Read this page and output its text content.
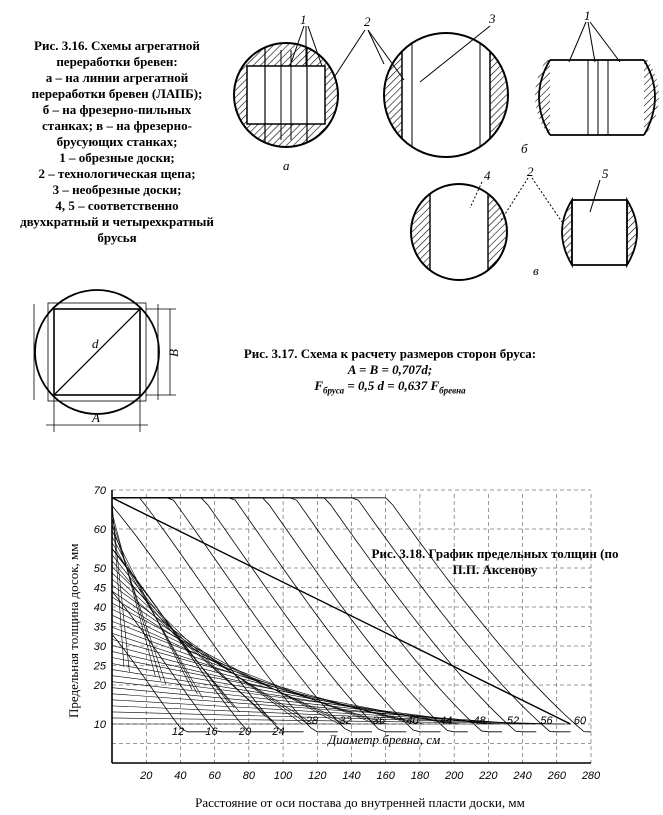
Рис. 3.16. Схемы агрегатной
переработки бревен:
а – на линии агрегатной
переработки бревен (ЛАПБ);
б – на фрезерно-пильных
станках; в – на фрезерно-
брусующих станках;
1 – обрезные доски;
2 – технологическая щепа;
3 – необрезные доски;
4, 5 – соответственно
двухкратный и четырехкратный
брусья
Рис. 3.17. Схема к расчету размеров сторон бруса:
A = B = 0,707d;
$F_{бруса} = 0,5$ d = 0,637 $F_{бревна}$
Рис. 3.18. График предельных толщин (по П.П. Аксенову
1	2	3	1
4	2	5
а
б
в
d
B
A
10
20
25
30
35
40
45
50
60
70
20 40 60 80 100 120 140 160 180 200 220 240 260 280
12 16 20 24
28 32 36 40 44 48 52 56 60
Диаметр бревна, см
Предельная толщина досок, мм
Расстояние от оси постава до внутренней пласти доски, мм
